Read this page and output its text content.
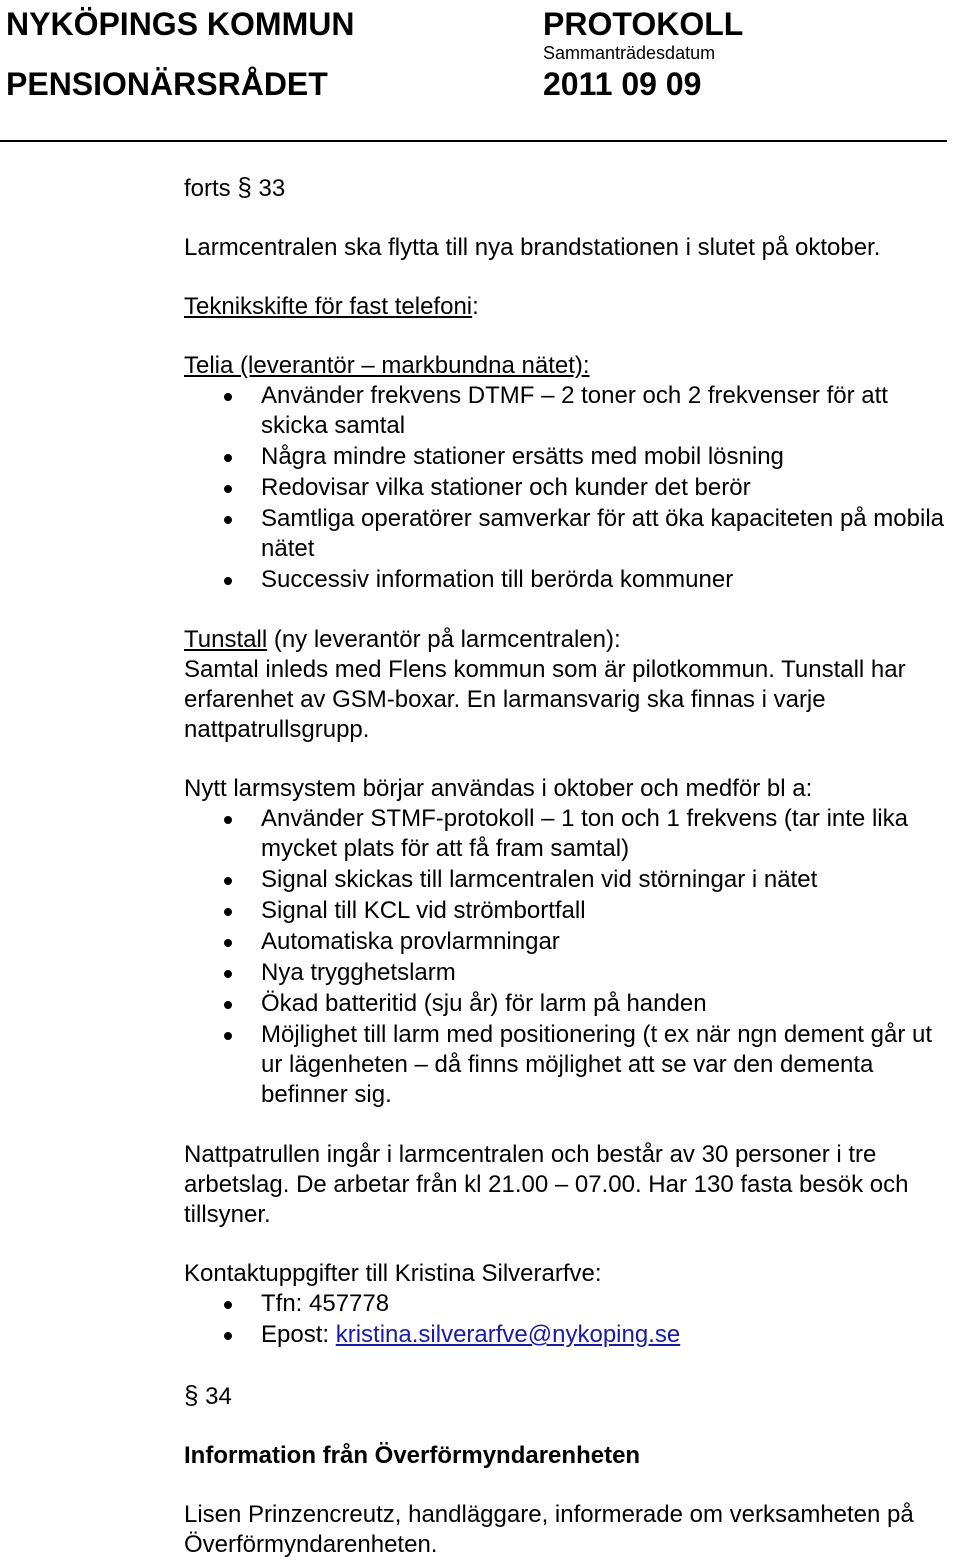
NYKÖPINGS KOMMUN
PENSIONÄRSRÅDET
PROTOKOLL
Sammanträdesdatum
2011 09 09

forts § 33

Larmcentralen ska flytta till nya brandstationen i slutet på oktober.

Teknikskifte för fast telefoni:

Telia (leverantör – markbundna nätet):

Använder frekvens DTMF – 2 toner och 2 frekvenser för att skicka samtal
Några mindre stationer ersätts med mobil lösning
Redovisar vilka stationer och kunder det berör
Samtliga operatörer samverkar för att öka kapaciteten på mobila nätet
Successiv information till berörda kommuner

Tunstall (ny leverantör på larmcentralen):

Samtal inleds med Flens kommun som är pilotkommun. Tunstall har erfarenhet av GSM-boxar. En larmansvarig ska finnas i varje nattpatrullsgrupp.

Nytt larmsystem börjar användas i oktober och medför bl a:

Använder STMF-protokoll – 1 ton och 1 frekvens (tar inte lika mycket plats för att få fram samtal)
Signal skickas till larmcentralen vid störningar i nätet
Signal till KCL vid strömbortfall
Automatiska provlarmningar
Nya trygghetslarm
Ökad batteritid (sju år) för larm på handen
Möjlighet till larm med positionering (t ex när ngn dement går ut ur lägenheten – då finns möjlighet att se var den dementa befinner sig.

Nattpatrullen ingår i larmcentralen och består av 30 personer i tre arbetslag. De arbetar från kl 21.00 – 07.00. Har 130 fasta besök och tillsyner.

Kontaktuppgifter till Kristina Silverarfve:

Tfn: 457778
Epost: kristina.silverarfve@nykoping.se

§ 34

Information från Överförmyndarenheten

Lisen Prinzencreutz, handläggare, informerade om verksamheten på Överförmyndarenheten.
